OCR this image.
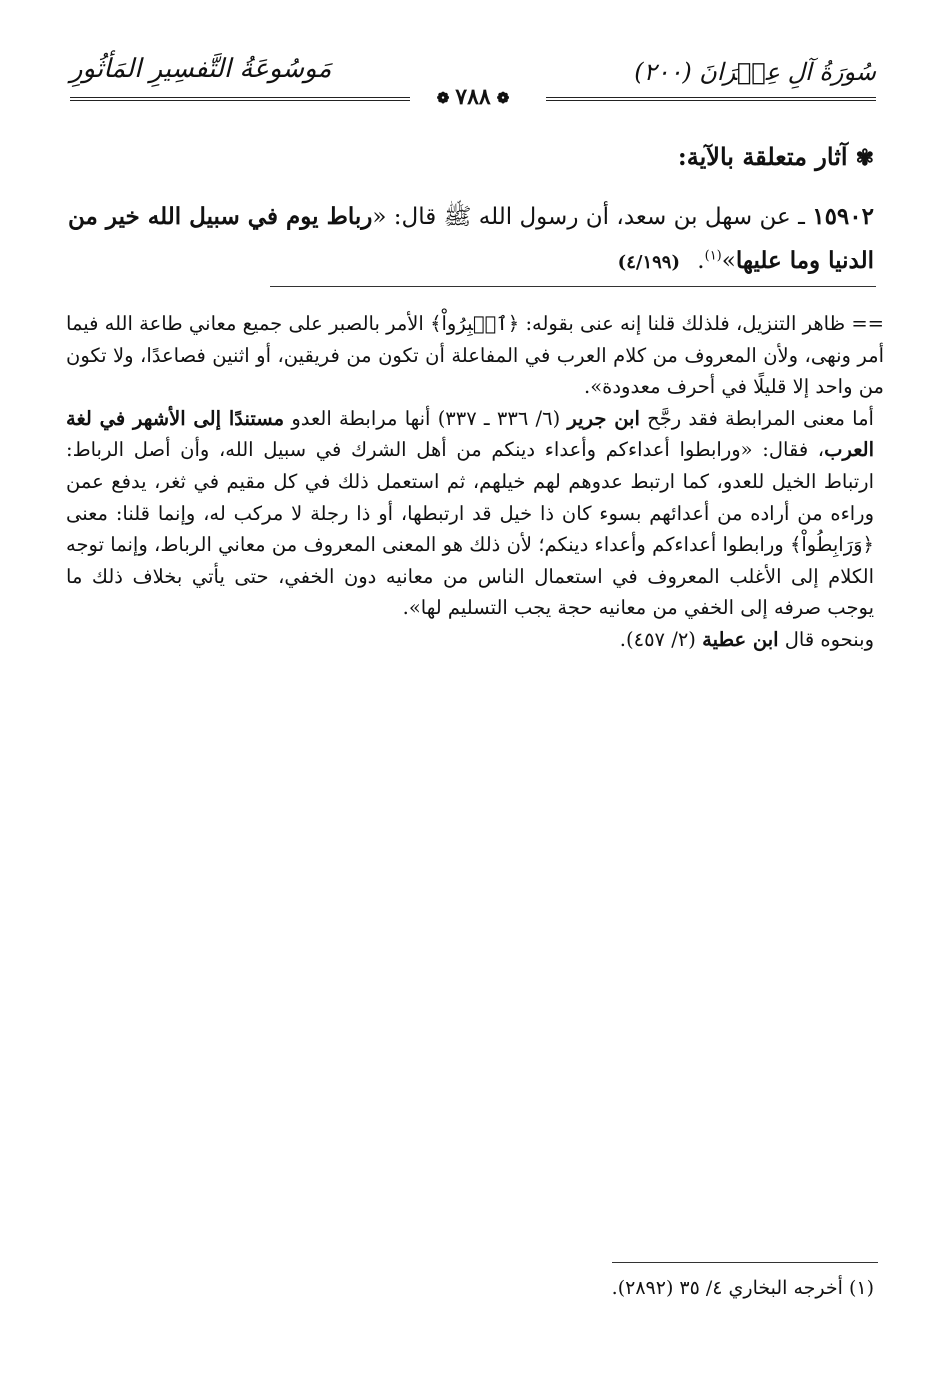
سُورَةُ آلِ عِمۡرَانَ (٢٠٠)
مَوسُوعَةُ التَّفسِيرِ المَأثُورِ
❁٧٨٨❁
✾آثار متعلقة بالآية:
١٥٩٠٢ ـ عن سهل بن سعد، أن رسول الله ﷺ قال: «رباط يوم في سبيل الله خير من الدنيا وما عليها»$^{(١)}$. (٤/١٩٩)

== ظاهر التنزيل، فلذلك قلنا إنه عنى بقوله: ﴿ٱصۡبِرُواْ﴾ الأمر بالصبر على جميع معاني طاعة الله فيما أمر ونهى، ولأن المعروف من كلام العرب في المفاعلة أن تكون من فريقين، أو اثنين فصاعدًا، ولا تكون من واحد إلا قليلًا في أحرف معدودة».

أما معنى المرابطة فقد رجَّح ابن جرير (٦/ ٣٣٦ ـ ٣٣٧) أنها مرابطة العدو مستندًا إلى الأشهر في لغة العرب، فقال: «ورابطوا أعداءكم وأعداء دينكم من أهل الشرك في سبيل الله، وأن أصل الرباط: ارتباط الخيل للعدو، كما ارتبط عدوهم لهم خيلهم، ثم استعمل ذلك في كل مقيم في ثغر، يدفع عمن وراءه من أراده من أعدائهم بسوء كان ذا خيل قد ارتبطها، أو ذا رجلة لا مركب له، وإنما قلنا: معنى ﴿وَرَابِطُواْ﴾ ورابطوا أعداءكم وأعداء دينكم؛ لأن ذلك هو المعنى المعروف من معاني الرباط، وإنما توجه الكلام إلى الأغلب المعروف في استعمال الناس من معانيه دون الخفي، حتى يأتي بخلاف ذلك ما يوجب صرفه إلى الخفي من معانيه حجة يجب التسليم لها».

وبنحوه قال ابن عطية (٢/ ٤٥٧).

(١) أخرجه البخاري ٤/ ٣٥ (٢٨٩٢).
